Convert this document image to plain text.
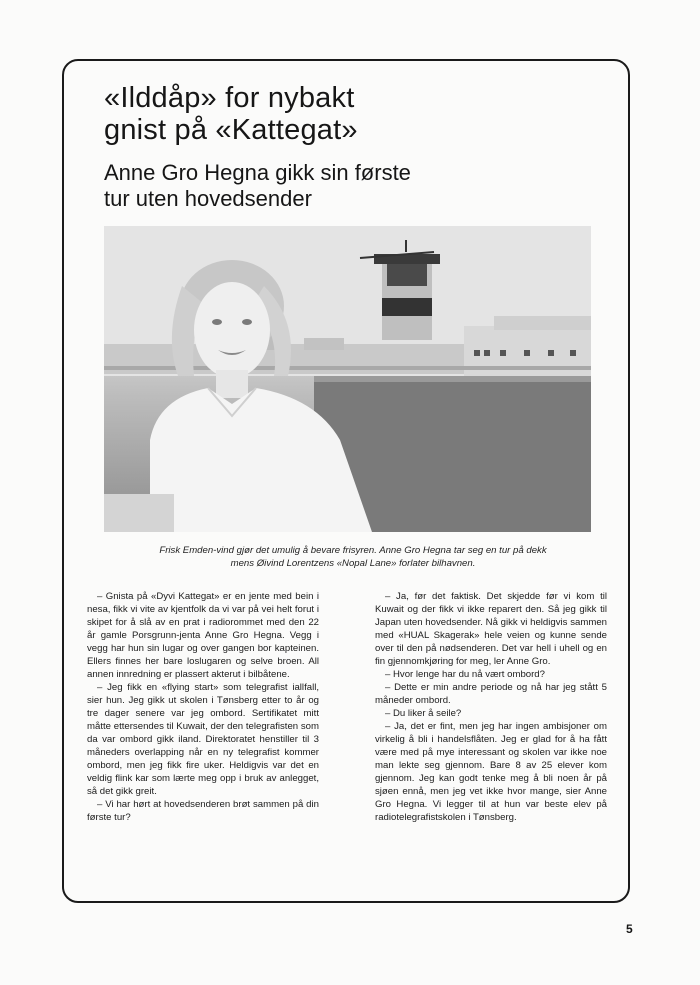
«Ilddåp» for nybakt
gnist på «Kattegat»
Anne Gro Hegna gikk sin første
tur uten hovedsender
Frisk Emden-vind gjør det umulig å bevare frisyren. Anne Gro Hegna tar seg en tur på dekk
mens Øivind Lorentzens «Nopal Lane» forlater bilhavnen.

– Gnista på «Dyvi Kattegat» er en jente med bein i nesa, fikk vi vite av kjentfolk da vi var på vei helt forut i skipet for å slå av en prat i radiorommet med den 22 år gamle Porsgrunn-jenta Anne Gro Hegna. Vegg i vegg har hun sin lugar og over gangen bor kapteinen. Ellers finnes her bare loslugaren og selve broen. All annen innredning er plassert akterut i bilbåtene.

– Jeg fikk en «flying start» som telegrafist iallfall, sier hun. Jeg gikk ut skolen i Tønsberg etter to år og tre dager senere var jeg ombord. Sertifikatet mitt måtte ettersendes til Kuwait, der den telegrafisten som da var ombord gikk iland. Direktoratet henstiller til 3 måneders overlapping når en ny telegrafist kommer ombord, men jeg fikk fire uker. Heldigvis var det en veldig flink kar som lærte meg opp i bruk av anlegget, så det gikk greit.

– Vi har hørt at hovedsenderen brøt sammen på din første tur?

– Ja, før det faktisk. Det skjedde før vi kom til Kuwait og der fikk vi ikke reparert den. Så jeg gikk til Japan uten hovedsender. Nå gikk vi heldigvis sammen med «HUAL Skagerak» hele veien og kunne sende over til den på nødsenderen. Det var hell i uhell og en fin gjennomkjøring for meg, ler Anne Gro.

– Hvor lenge har du nå vært ombord?

– Dette er min andre periode og nå har jeg stått 5 måneder ombord.

– Du liker å seile?

– Ja, det er fint, men jeg har ingen ambisjoner om virkelig å bli i handelsflåten. Jeg er glad for å ha fått være med på mye interessant og skolen var ikke noe man lekte seg gjennom. Bare 8 av 25 elever kom gjennom. Jeg kan godt tenke meg å bli noen år på sjøen ennå, men jeg vet ikke hvor mange, sier Anne Gro Hegna. Vi legger til at hun var beste elev på radiotelegrafistskolen i Tønsberg.

5
